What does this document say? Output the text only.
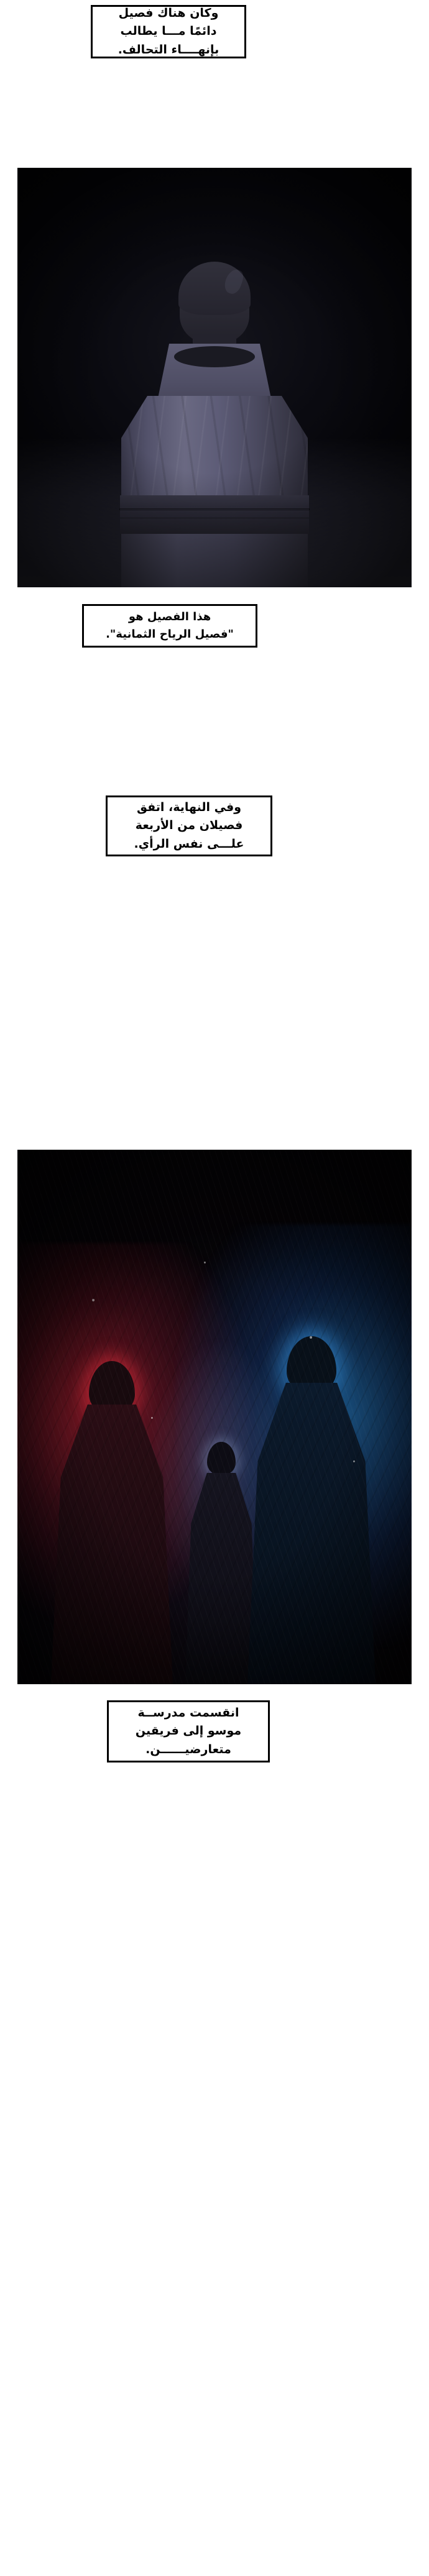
وكان هناك فصيل
دائمًا مـــا يطالب
بإنهــــاء التحالف.
هذا الفصيل هو
"فصيل الرياح الثمانية".
وفي النهاية، اتفق
فصيلان من الأربعة
علـــى نفس الرأي.
انقسمت مدرســة
موسو إلى فريقين
متعارضيــــــن.
